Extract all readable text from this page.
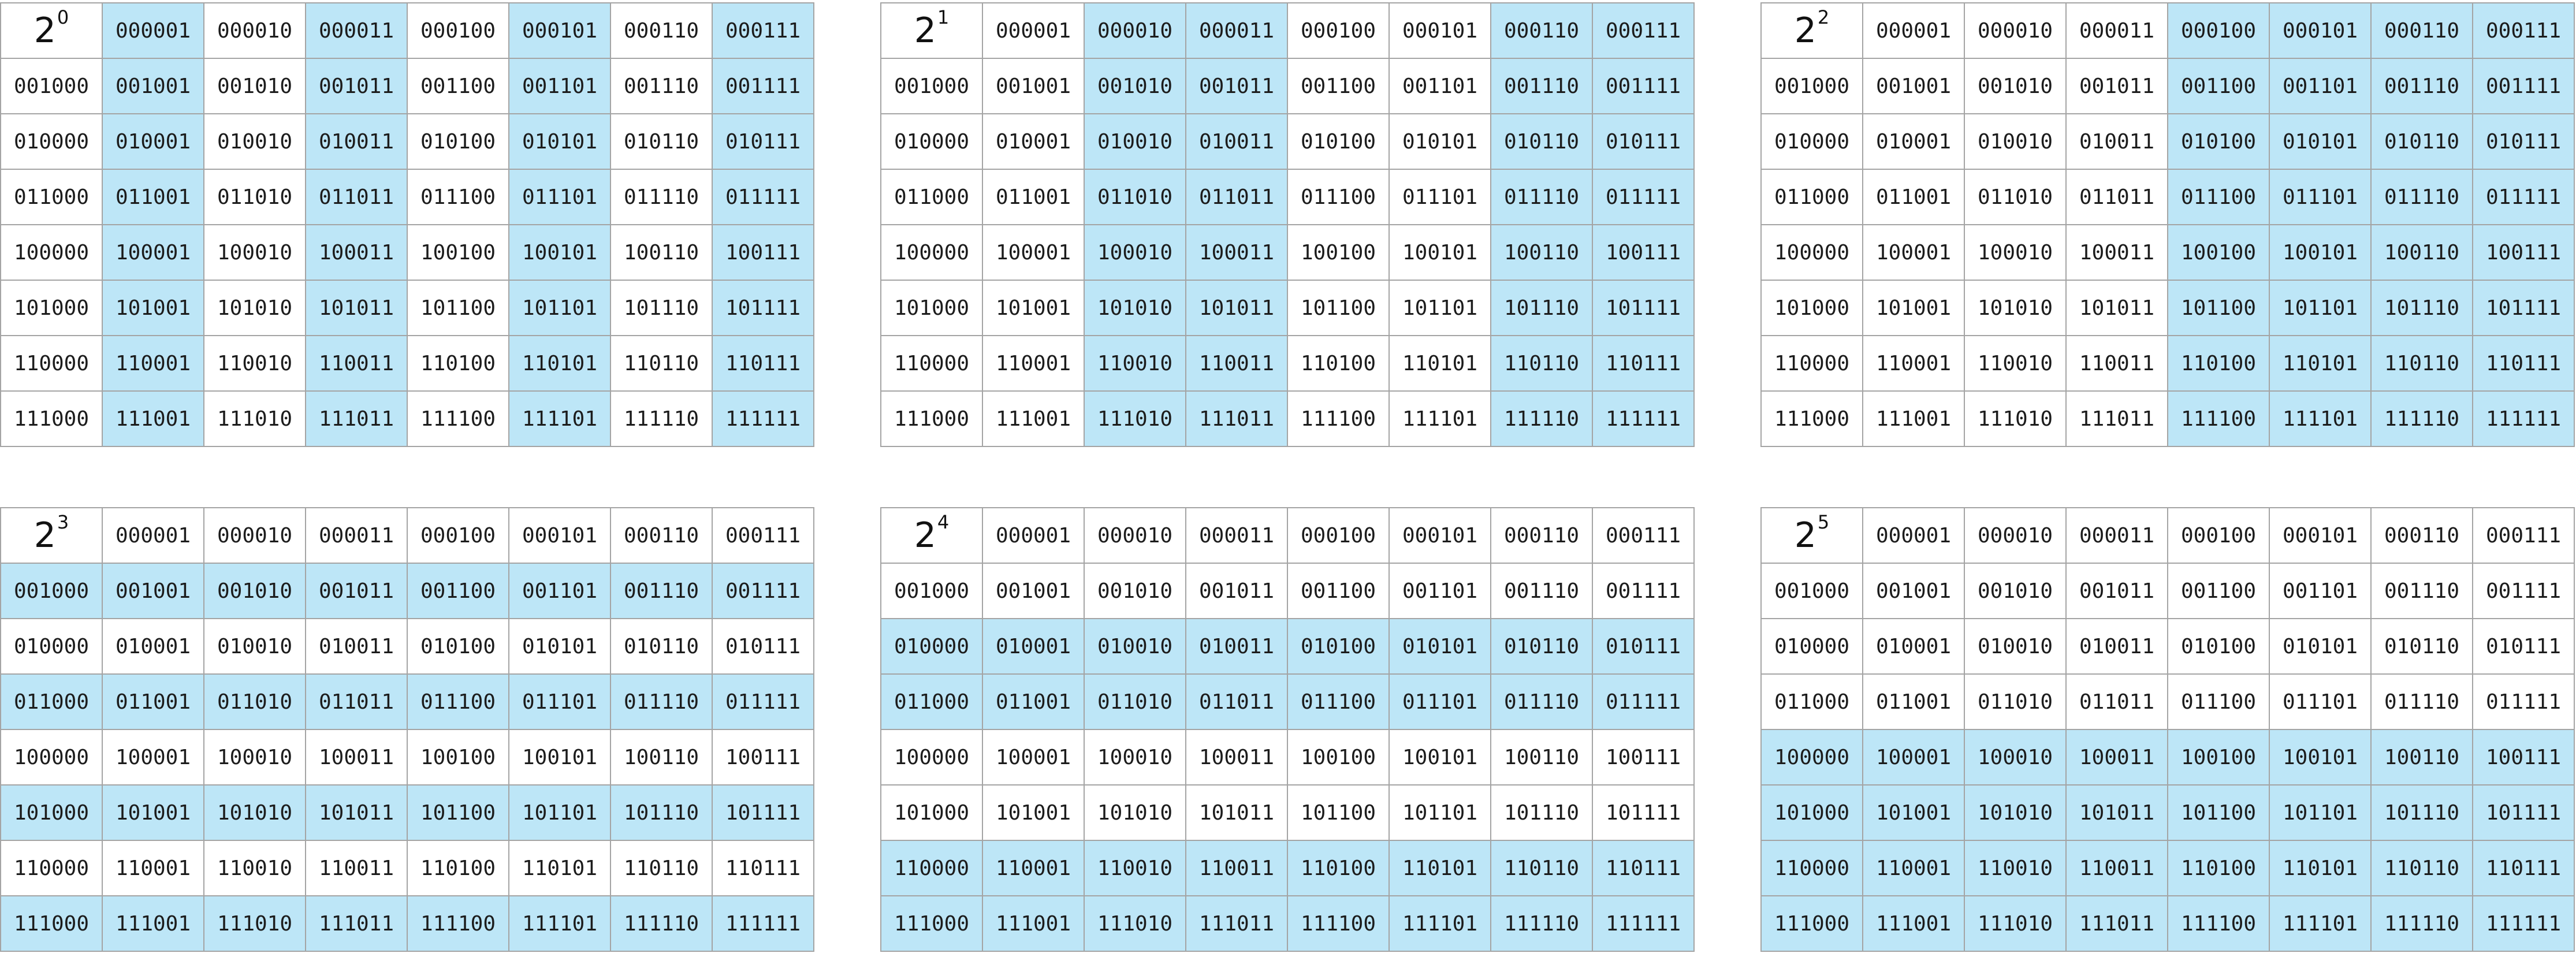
$2^0$	000001	000010	000011	000100	000101	000110	000111
001000	001001	001010	001011	001100	001101	001110	001111
010000	010001	010010	010011	010100	010101	010110	010111
011000	011001	011010	011011	011100	011101	011110	011111
100000	100001	100010	100011	100100	100101	100110	100111
101000	101001	101010	101011	101100	101101	101110	101111
110000	110001	110010	110011	110100	110101	110110	110111
111000	111001	111010	111011	111100	111101	111110	111111
$2^1$	000001	000010	000011	000100	000101	000110	000111
001000	001001	001010	001011	001100	001101	001110	001111
010000	010001	010010	010011	010100	010101	010110	010111
011000	011001	011010	011011	011100	011101	011110	011111
100000	100001	100010	100011	100100	100101	100110	100111
101000	101001	101010	101011	101100	101101	101110	101111
110000	110001	110010	110011	110100	110101	110110	110111
111000	111001	111010	111011	111100	111101	111110	111111
$2^2$	000001	000010	000011	000100	000101	000110	000111
001000	001001	001010	001011	001100	001101	001110	001111
010000	010001	010010	010011	010100	010101	010110	010111
011000	011001	011010	011011	011100	011101	011110	011111
100000	100001	100010	100011	100100	100101	100110	100111
101000	101001	101010	101011	101100	101101	101110	101111
110000	110001	110010	110011	110100	110101	110110	110111
111000	111001	111010	111011	111100	111101	111110	111111
$2^3$	000001	000010	000011	000100	000101	000110	000111
001000	001001	001010	001011	001100	001101	001110	001111
010000	010001	010010	010011	010100	010101	010110	010111
011000	011001	011010	011011	011100	011101	011110	011111
100000	100001	100010	100011	100100	100101	100110	100111
101000	101001	101010	101011	101100	101101	101110	101111
110000	110001	110010	110011	110100	110101	110110	110111
111000	111001	111010	111011	111100	111101	111110	111111
$2^4$	000001	000010	000011	000100	000101	000110	000111
001000	001001	001010	001011	001100	001101	001110	001111
010000	010001	010010	010011	010100	010101	010110	010111
011000	011001	011010	011011	011100	011101	011110	011111
100000	100001	100010	100011	100100	100101	100110	100111
101000	101001	101010	101011	101100	101101	101110	101111
110000	110001	110010	110011	110100	110101	110110	110111
111000	111001	111010	111011	111100	111101	111110	111111
$2^5$	000001	000010	000011	000100	000101	000110	000111
001000	001001	001010	001011	001100	001101	001110	001111
010000	010001	010010	010011	010100	010101	010110	010111
011000	011001	011010	011011	011100	011101	011110	011111
100000	100001	100010	100011	100100	100101	100110	100111
101000	101001	101010	101011	101100	101101	101110	101111
110000	110001	110010	110011	110100	110101	110110	110111
111000	111001	111010	111011	111100	111101	111110	111111
